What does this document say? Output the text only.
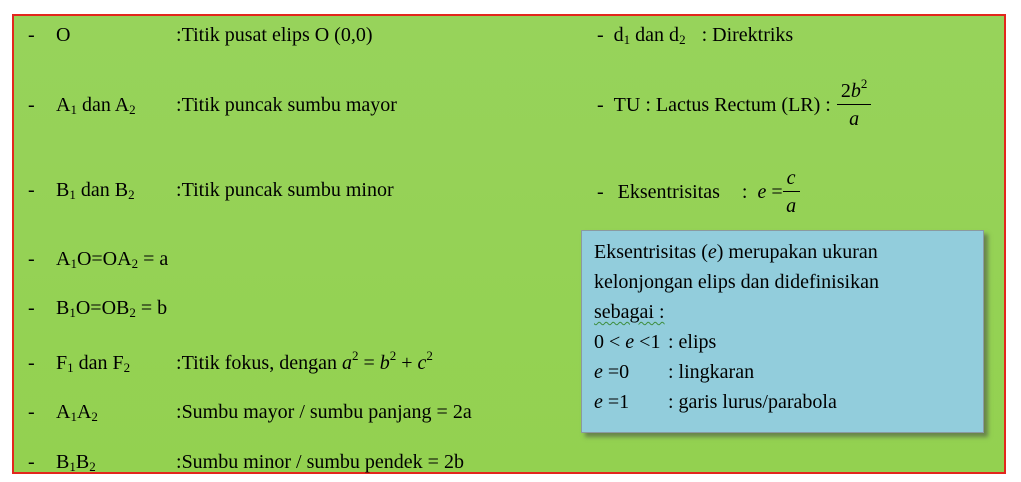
- O	:Titik pusat elips O (0,0)
- $A_1$ dan $A_2$ :Titik puncak sumbu mayor
- $B_1$ dan $B_2$ :Titik puncak sumbu minor
- $A_1O=OA_2 = a$
- $B_1O=OB_2 = b$
- $F_1$ dan $F_2$ :Titik fokus, dengan $a^2 = b^2 + c^2$
- $A_1A_2$	:Sumbu mayor / sumbu panjang = 2a
- $B_1B_2$	:Sumbu minor / sumbu pendek = 2b
- $d_1$ dan $d_2$ : Direktriks
- TU : Lactus Rectum (LR) : $\frac{2b^2}{a}$
- Eksentrisitas : $e = \frac{c}{a}$
Eksentrisitas (e) merupakan ukuran
kelonjongan elips dan didefinisikan
sebagai :
0 < e <1 : elips
e =0 : lingkaran
e =1 : garis lurus/parabola
